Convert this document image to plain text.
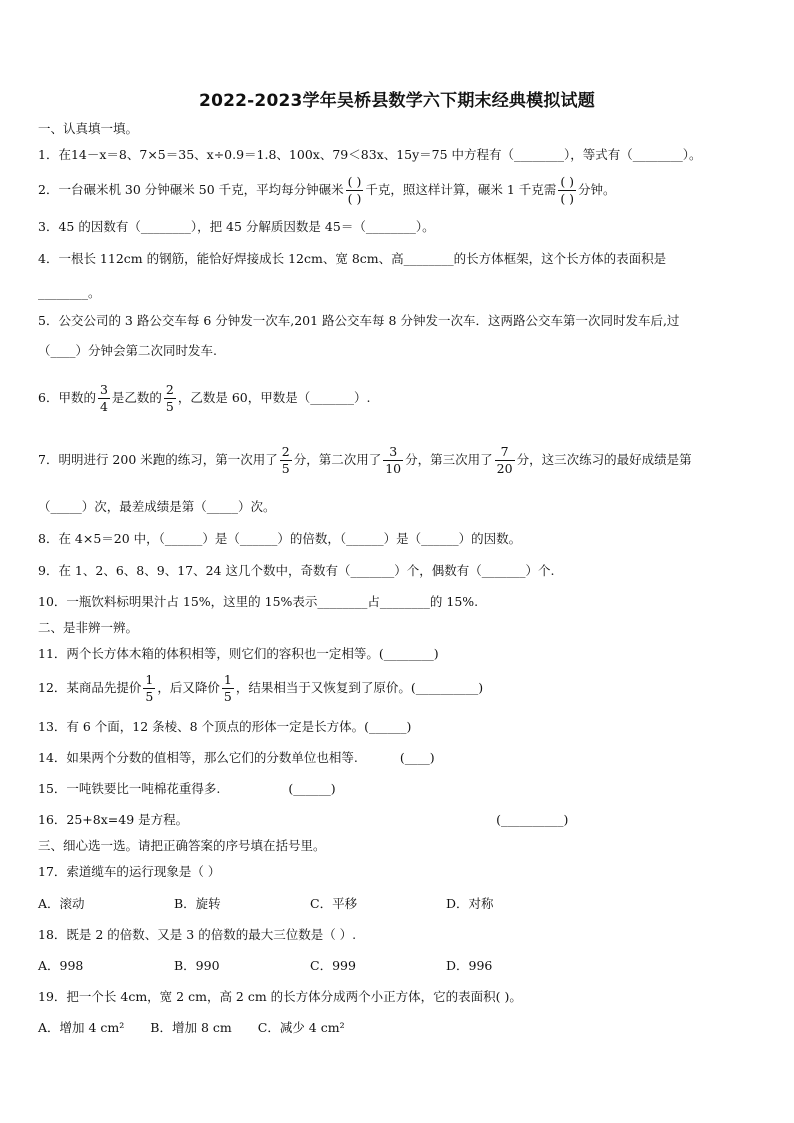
2022-2023学年吴桥县数学六下期末经典模拟试题
一、认真填一填。
1．在14－x＝8、7×5＝35、x÷0.9＝1.8、100x、79＜83x、15y＝75 中方程有（________），等式有（________）。
2．一台碾米机 30 分钟碾米 50 千克，平均每分钟碾米 $\frac{( )}{( )}$ 千克，照这样计算，碾米 1 千克需 $\frac{( )}{( )}$ 分钟。
3．45 的因数有（________），把 45 分解质因数是 45＝（________）。
4．一根长 112cm 的钢筋，能恰好焊接成长 12cm、宽 8cm、高________的长方体框架，这个长方体的表面积是
________。
5．公交公司的 3 路公交车每 6 分钟发一次车,201 路公交车每 8 分钟发一次车．这两路公交车第一次同时发车后,过
（____）分钟会第二次同时发车.
6．甲数的 $\frac{3}{4}$ 是乙数的 $\frac{2}{5}$ ，乙数是 60，甲数是（_______）.
7．明明进行 200 米跑的练习，第一次用了 $\frac{2}{5}$ 分，第二次用了 $\frac{3}{10}$ 分，第三次用了 $\frac{7}{20}$ 分，这三次练习的最好成绩是第
（_____）次，最差成绩是第（_____）次。
8．在 4×5＝20 中，（______）是（______）的倍数，（______）是（______）的因数。
9．在 1、2、6、8、9、17、24 这几个数中，奇数有（_______）个，偶数有（_______）个.
10．一瓶饮料标明果汁占 15%，这里的 15%表示________占________的 15%.
二、是非辨一辨。
11．两个长方体木箱的体积相等，则它们的容积也一定相等。(________)
12．某商品先提价 $\frac{1}{5}$ ，后又降价 $\frac{1}{5}$ ，结果相当于又恢复到了原价。(__________)
13．有 6 个面，12 条棱、8 个顶点的形体一定是长方体。(______)
14．如果两个分数的值相等，那么它们的分数单位也相等.	(____)
15．一吨铁要比一吨棉花重得多.	(______)
16．25+8x=49 是方程。	(__________)
三、细心选一选。请把正确答案的序号填在括号里。
17．索道缆车的运行现象是（ ）
A．滚动	B．旋转	C．平移	D．对称
18．既是 2 的倍数、又是 3 的倍数的最大三位数是（ ）.
A．998	B．990	C．999	D．996
19．把一个长 4cm，宽 2 cm，高 2 cm 的长方体分成两个小正方体，它的表面积( )。
A．增加 4 cm² B．增加 8 cm C．减少 4 cm²
